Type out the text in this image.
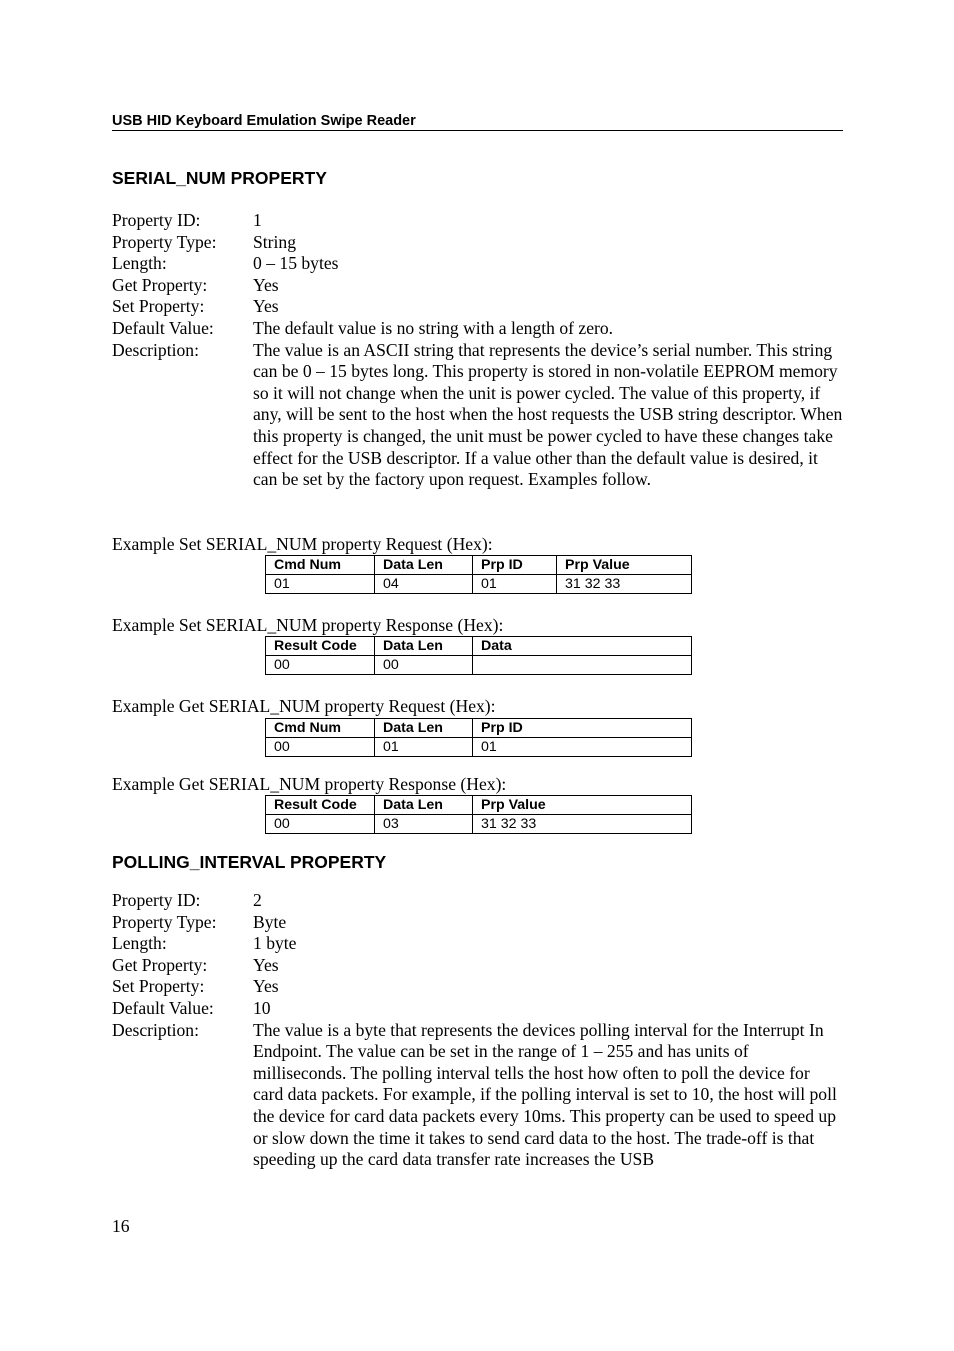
USB HID Keyboard Emulation Swipe Reader
SERIAL_NUM PROPERTY
Property ID:	1
Property Type:	String
Length:	0 – 15 bytes
Get Property:	Yes
Set Property:	Yes
Default Value:	The default value is no string with a length of zero.
Description:	The value is an ASCII string that represents the device’s serial number. This string can be 0 – 15 bytes long. This property is stored in non-volatile EEPROM memory so it will not change when the unit is power cycled. The value of this property, if any, will be sent to the host when the host requests the USB string descriptor. When this property is changed, the unit must be power cycled to have these changes take effect for the USB descriptor. If a value other than the default value is desired, it can be set by the factory upon request. Examples follow.
Example Set SERIAL_NUM property Request (Hex):
Cmd Num	Data Len	Prp ID	Prp Value
01	04	01	31 32 33
Example Set SERIAL_NUM property Response (Hex):
Result Code	Data Len	Data
00	00	
Example Get SERIAL_NUM property Request (Hex):
Cmd Num	Data Len	Prp ID
00	01	01
Example Get SERIAL_NUM property Response (Hex):
Result Code	Data Len	Prp Value
00	03	31 32 33
POLLING_INTERVAL PROPERTY
Property ID:	2
Property Type:	Byte
Length:	1 byte
Get Property:	Yes
Set Property:	Yes
Default Value:	10
Description:	The value is a byte that represents the devices polling interval for the Interrupt In Endpoint. The value can be set in the range of 1 – 255 and has units of milliseconds. The polling interval tells the host how often to poll the device for card data packets. For example, if the polling interval is set to 10, the host will poll the device for card data packets every 10ms. This property can be used to speed up or slow down the time it takes to send card data to the host. The trade-off is that speeding up the card data transfer rate increases the USB
16
